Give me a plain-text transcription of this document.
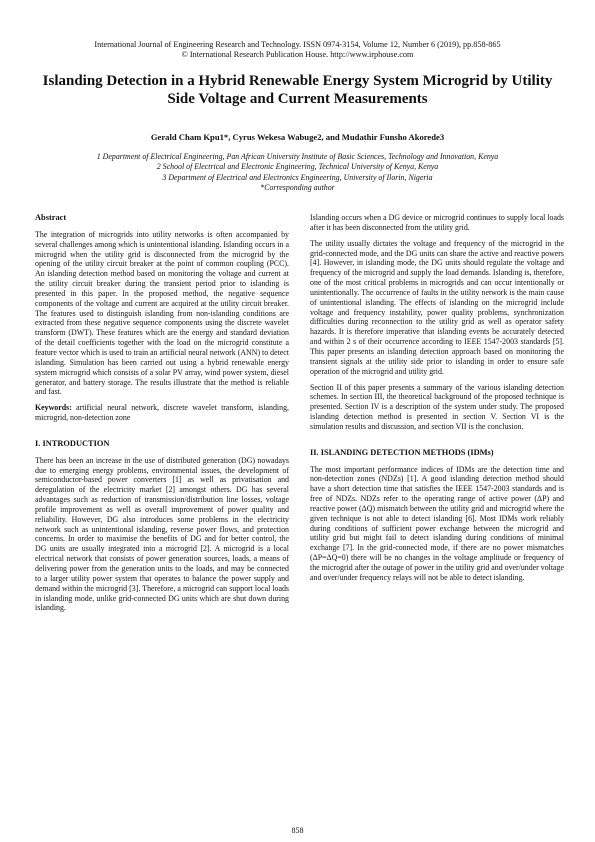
International Journal of Engineering Research and Technology. ISSN 0974-3154, Volume 12, Number 6 (2019), pp.858-865
© International Research Publication House. http://www.irphouse.com
Islanding Detection in a Hybrid Renewable Energy System Microgrid by Utility Side Voltage and Current Measurements
Gerald Cham Kpu1*, Cyrus Wekesa Wabuge2, and Mudathir Funsho Akorede3
1 Department of Electrical Engineering, Pan African University Institute of Basic Sciences, Technology and Innovation, Kenya
2 School of Electrical and Electronic Engineering, Technical University of Kenya, Kenya
3 Department of Electrical and Electronics Engineering, University of Ilorin, Nigeria
*Corresponding author
Abstract

The integration of microgrids into utility networks is often accompanied by several challenges among which is unintentional islanding. Islanding occurs in a microgrid when the utility grid is disconnected from the microgrid by the opening of the utility circuit breaker at the point of common coupling (PCC). An islanding detection method based on monitoring the voltage and current at the utility circuit breaker during the transient period prior to islanding is presented in this paper. In the proposed method, the negative sequence components of the voltage and current are acquired at the utility circuit breaker. The features used to distinguish islanding from non-islanding conditions are extracted from these negative sequence components using the discrete wavelet transform (DWT). These features which are the energy and standard deviation of the detail coefficients together with the load on the microgrid constitute a feature vector which is used to train an artificial neural network (ANN) to detect islanding. Simulation has been carried out using a hybrid renewable energy system microgrid which consists of a solar PV array, wind power system, diesel generator, and battery storage. The results illustrate that the method is reliable and fast.

Keywords: artificial neural network, discrete wavelet transform, islanding, microgrid, non-detection zone

I. INTRODUCTION

There has been an increase in the use of distributed generation (DG) nowadays due to emerging energy problems, environmental issues, the development of semiconductor-based power converters [1] as well as privatisation and deregulation of the electricity market [2] amongst others. DG has several advantages such as reduction of transmission/distribution line losses, voltage profile improvement as well as overall improvement of power quality and reliability. However, DG also introduces some problems in the electricity network such as unintentional islanding, reverse power flows, and protection concerns. In order to maximise the benefits of DG and for better control, the DG units are usually integrated into a microgrid [2]. A microgrid is a local electrical network that consists of power generation sources, loads, a means of delivering power from the generation units to the loads, and may be connected to a larger utility power system that operates to balance the power supply and demand within the microgrid [3]. Therefore, a microgrid can support local loads in islanding mode, unlike grid-connected DG units which are shut down during islanding.

Islanding occurs when a DG device or microgrid continues to supply local loads after it has been disconnected from the utility grid.

The utility usually dictates the voltage and frequency of the microgrid in the grid-connected mode, and the DG units can share the active and reactive powers [4]. However, in islanding mode, the DG units should regulate the voltage and frequency of the microgrid and supply the load demands. Islanding is, therefore, one of the most critical problems in microgrids and can occur intentionally or unintentionally. The occurrence of faults in the utility network is the main cause of unintentional islanding. The effects of islanding on the microgrid include voltage and frequency instability, power quality problems, synchronization difficulties during reconnection to the utility grid as well as operator safety hazards. It is therefore imperative that islanding events be accurately detected and within 2 s of their occurrence according to IEEE 1547-2003 standards [5]. This paper presents an islanding detection approach based on monitoring the transient signals at the utility side prior to islanding in order to ensure safe operation of the microgrid and utility grid.

Section II of this paper presents a summary of the various islanding detection schemes. In section III, the theoretical background of the proposed technique is presented. Section IV is a description of the system under study. The proposed islanding detection method is presented in section V. Section VI is the simulation results and discussion, and section VII is the conclusion.

II. ISLANDING DETECTION METHODS (IDMs)

The most important performance indices of IDMs are the detection time and non-detection zones (NDZs) [1]. A good islanding detection method should have a short detection time that satisfies the IEEE 1547-2003 standards and is free of NDZs. NDZs refer to the operating range of active power (ΔP) and reactive power (ΔQ) mismatch between the utility grid and microgrid where the given technique is not able to detect islanding [6]. Most IDMs work reliably during conditions of sufficient power exchange between the microgrid and utility grid but might fail to detect islanding during conditions of minimal exchange [7]. In the grid-connected mode, if there are no power mismatches (ΔP=ΔQ=0) there will be no changes in the voltage amplitude or frequency of the microgrid after the outage of power in the utility grid and over/under voltage and over/under frequency relays will not be able to detect islanding.

858
